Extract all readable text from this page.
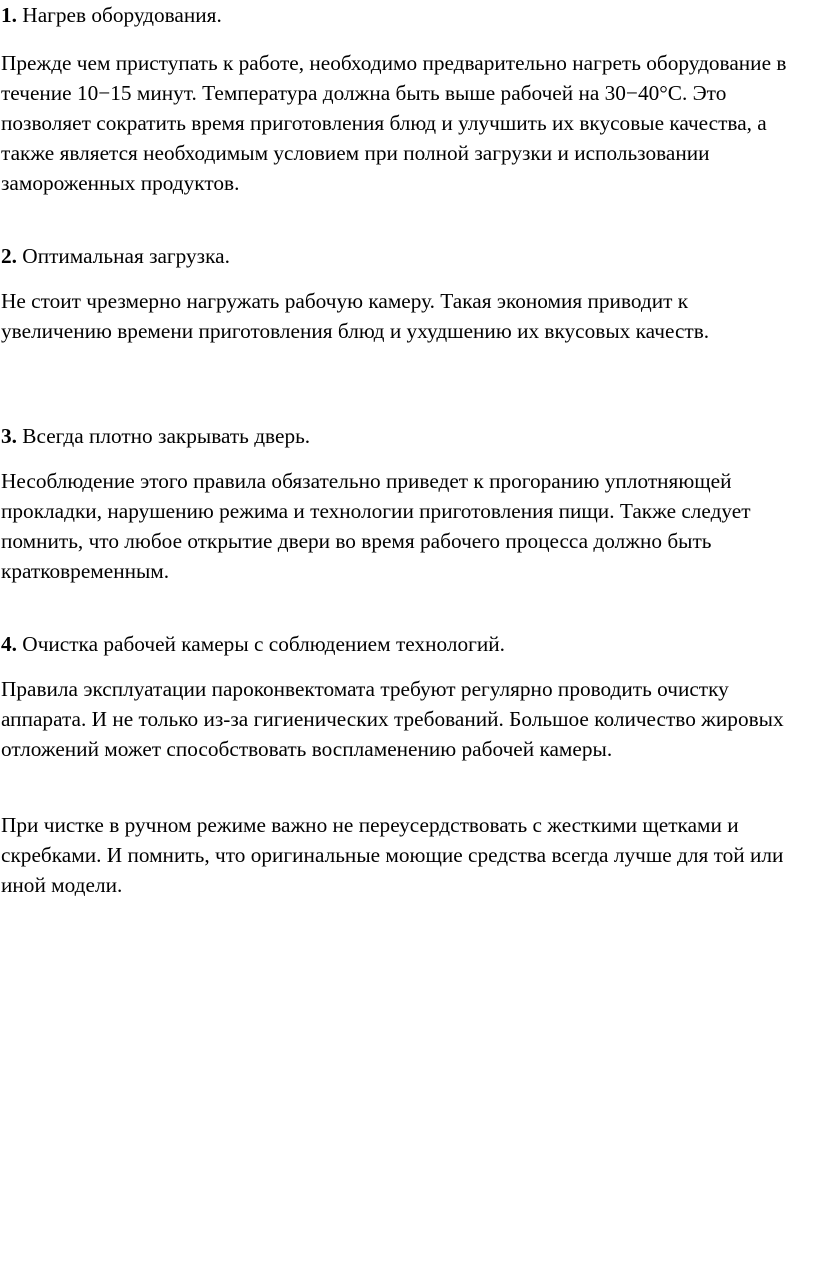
1. Нагрев оборудования.

Прежде чем приступать к работе, необходимо предварительно нагреть оборудование в течение 10−15 минут. Температура должна быть выше рабочей на 30−40°С. Это позволяет сократить время приготовления блюд и улучшить их вкусовые качества, а также является необходимым условием при полной загрузки и использовании замороженных продуктов.

2. Оптимальная загрузка.

Не стоит чрезмерно нагружать рабочую камеру. Такая экономия приводит к увеличению времени приготовления блюд и ухудшению их вкусовых качеств.

3. Всегда плотно закрывать дверь.

Несоблюдение этого правила обязательно приведет к прогоранию уплотняющей прокладки, нарушению режима и технологии приготовления пищи. Также следует помнить, что любое открытие двери во время рабочего процесса должно быть кратковременным.

4. Очистка рабочей камеры с соблюдением технологий.

Правила эксплуатации пароконвектомата требуют регулярно проводить очистку аппарата. И не только из-за гигиенических требований. Большое количество жировых отложений может способствовать воспламенению рабочей камеры.

При чистке в ручном режиме важно не переусердствовать с жесткими щетками и скребками. И помнить, что оригинальные моющие средства всегда лучше для той или иной модели.
